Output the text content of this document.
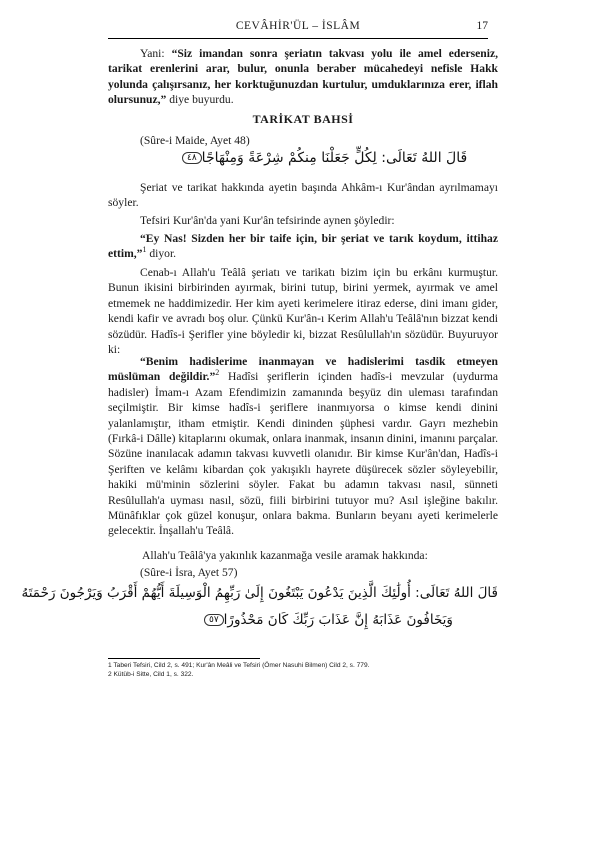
CEVÂHİR'ÜL – İSLÂM	17
Yani: “Siz imandan sonra şeriatın takvası yolu ile amel ederseniz, tarikat erenlerini arar, bulur, onunla beraber mücahedeyi nefisle Hakk yolunda çalışırsanız, her korktuğunuzdan kurtulur, umduklarınıza erer, iflah olursunuz,” diye buyurdu.
TARİKAT BAHSİ
(Sûre-i Maide, Ayet 48)
قَالَ اللهُ تَعَالَى: لِكُلٍّ جَعَلْنَا مِنكُمْ شِرْعَةً وَمِنْهَاجًا٤٨
Şeriat ve tarikat hakkında ayetin başında Ahkâm-ı Kur'ândan ayrılmamayı söyler.
Tefsiri Kur'ân'da yani Kur'ân tefsirinde aynen şöyledir:
“Ey Nas! Sizden her bir taife için, bir şeriat ve tarık koydum, ittihaz ettim,”$^1$ diyor.
Cenab-ı Allah'u Teâlâ şeriatı ve tarikatı bizim için bu erkânı kurmuştur. Bunun ikisini birbirinden ayırmak, birini tutup, birini yermek, ayırmak ve amel etmemek ne haddimizedir. Her kim ayeti kerimelere itiraz ederse, dini imanı gider, kendi kafir ve avradı boş olur. Çünkü Kur'ân-ı Kerim Allah'u Teâlâ'nın bizzat kendi sözüdür. Hadîs-i Şerifler yine böyledir ki, bizzat Resûlullah'ın sözüdür. Buyuruyor ki:
“Benim hadislerime inanmayan ve hadislerimi tasdik etmeyen müslüman değildir.”$^2$ Hadîsi şeriflerin içinden hadîs-i mevzular (uydurma hadisler) İmam-ı Azam Efendimizin zamanında beşyüz din uleması tarafından seçilmiştir. Bir kimse hadîs-i şeriflere inanmıyorsa o kimse kendi dinini yalanlamıştır, itham etmiştir. Kendi dininden şüphesi vardır. Gayrı mezhebin (Fırkâ-i Dâlle) kitaplarını okumak, onlara inanmak, insanın dinini, imanını parçalar. Sözüne inanılacak adamın takvası kuvvetli olanıdır. Bir kimse Kur'ân'dan, Hadîs-i Şeriften ve kelâmı kibardan çok yakışıklı hayrete düşürecek sözler söyleyebilir, hakiki mü'minin sözlerini söyler. Fakat bu adamın takvası nasıl, sünneti Resûlullah'a uyması nasıl, sözü, fiili birbirini tutuyor mu? Asıl işleğine bakılır. Münâfıklar çok güzel konuşur, onlara bakma. Bunların beyanı ayeti kerimelerle gelecektir. İnşallah'u Teâlâ.
Allah'u Teâlâ'ya yakınlık kazanmağa vesile aramak hakkında:
(Sûre-i İsra, Ayet 57)
قَالَ اللهُ تَعَالَى: أُولَٰئِكَ الَّذِينَ يَدْعُونَ يَبْتَغُونَ إِلَىٰ رَبِّهِمُ الْوَسِيلَةَ أَيُّهُمْ أَقْرَبُ وَيَرْجُونَ رَحْمَتَهُ
وَيَخَافُونَ عَذَابَهُ إِنَّ عَذَابَ رَبِّكَ كَانَ مَحْذُورًا٥٧
1 Taberi Tefsiri, Cild 2, s. 491; Kur'ân Meâli ve Tefsiri (Ömer Nasuhi Bilmen) Cild 2, s. 779.
2 Kütüb-i Sitte, Cild 1, s. 322.
